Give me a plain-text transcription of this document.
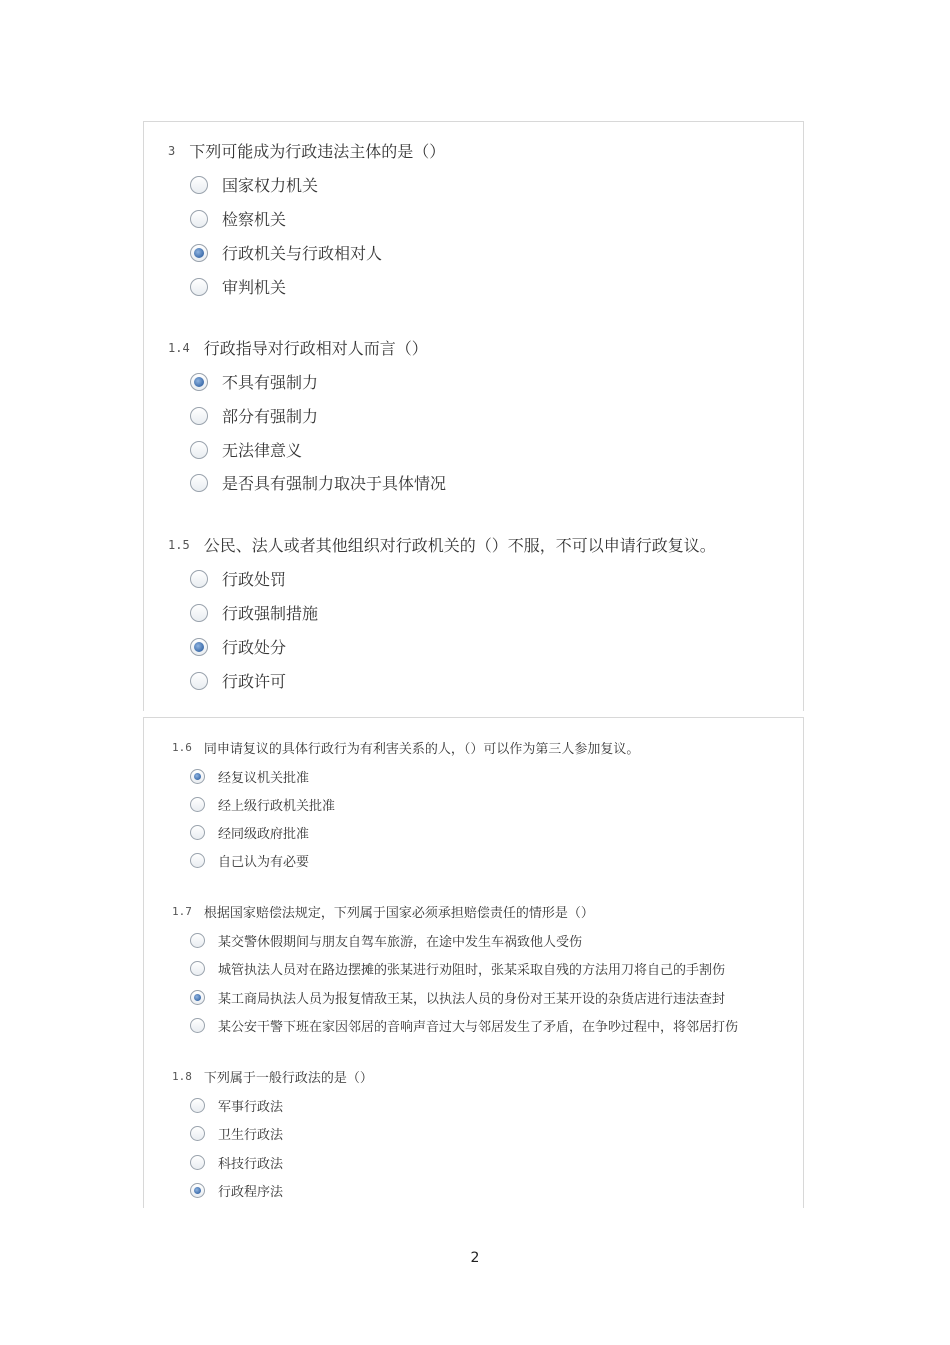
3 下列可能成为行政违法主体的是（）
国家权力机关
检察机关
行政机关与行政相对人
审判机关
1.4 行政指导对行政相对人而言（）
不具有强制力
部分有强制力
无法律意义
是否具有强制力取决于具体情况
1.5 公民、法人或者其他组织对行政机关的（）不服，不可以申请行政复议。
行政处罚
行政强制措施
行政处分
行政许可
1.6 同申请复议的具体行政行为有利害关系的人，（）可以作为第三人参加复议。
经复议机关批准
经上级行政机关批准
经同级政府批准
自己认为有必要
1.7 根据国家赔偿法规定，下列属于国家必须承担赔偿责任的情形是（）
某交警休假期间与朋友自驾车旅游，在途中发生车祸致他人受伤
城管执法人员对在路边摆摊的张某进行劝阻时，张某采取自残的方法用刀将自己的手割伤
某工商局执法人员为报复情敌王某，以执法人员的身份对王某开设的杂货店进行违法查封
某公安干警下班在家因邻居的音响声音过大与邻居发生了矛盾，在争吵过程中，将邻居打伤
1.8 下列属于一般行政法的是（）
军事行政法
卫生行政法
科技行政法
行政程序法
2
